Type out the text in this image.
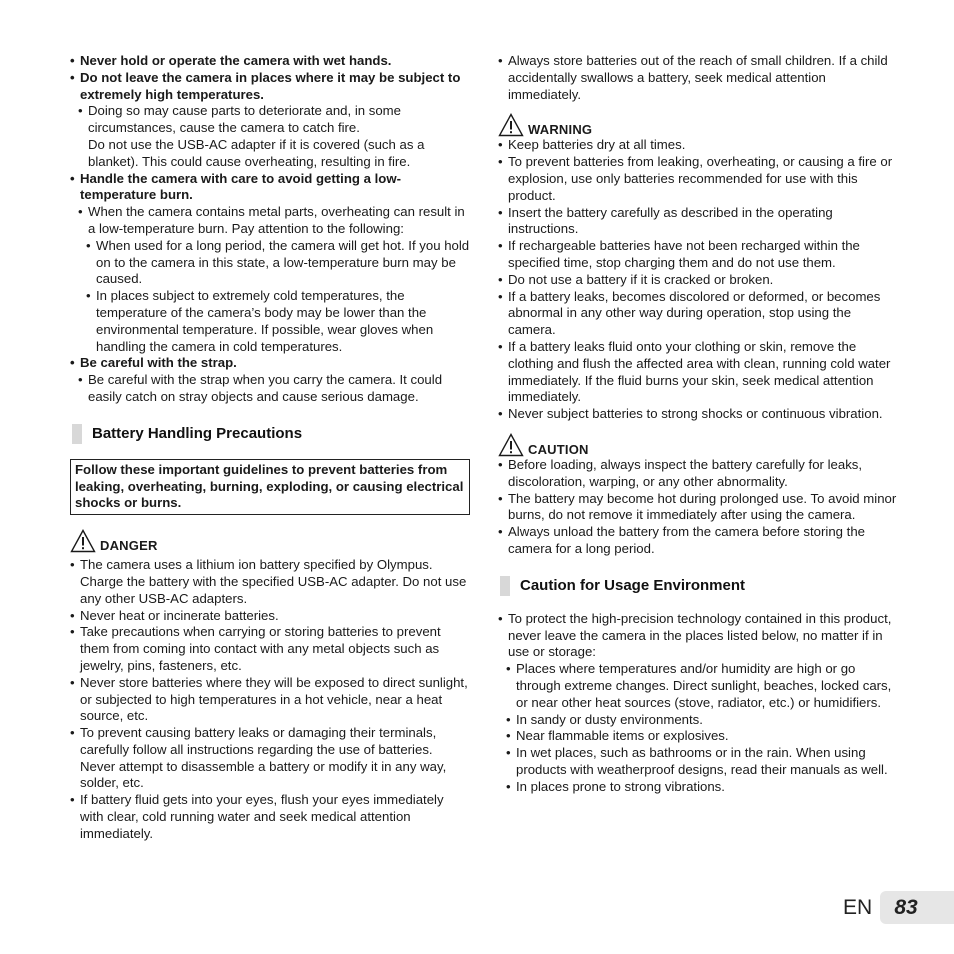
• Never hold or operate the camera with wet hands.
• Do not leave the camera in places where it may be subject to extremely high temperatures.
• Doing so may cause parts to deteriorate and, in some circumstances, cause the camera to catch fire.
Do not use the USB-AC adapter if it is covered (such as a blanket). This could cause overheating, resulting in fire.
• Handle the camera with care to avoid getting a low-temperature burn.
• When the camera contains metal parts, overheating can result in a low-temperature burn. Pay attention to the following:
• When used for a long period, the camera will get hot. If you hold on to the camera in this state, a low-temperature burn may be caused.
• In places subject to extremely cold temperatures, the temperature of the camera’s body may be lower than the environmental temperature. If possible, wear gloves when handling the camera in cold temperatures.
• Be careful with the strap.
• Be careful with the strap when you carry the camera. It could easily catch on stray objects and cause serious damage.
Battery Handling Precautions
Follow these important guidelines to prevent batteries from leaking, overheating, burning, exploding, or causing electrical shocks or burns.
DANGER
• The camera uses a lithium ion battery specified by Olympus. Charge the battery with the specified USB-AC adapter. Do not use any other USB-AC adapters.
• Never heat or incinerate batteries.
• Take precautions when carrying or storing batteries to prevent them from coming into contact with any metal objects such as jewelry, pins, fasteners, etc.
• Never store batteries where they will be exposed to direct sunlight, or subjected to high temperatures in a hot vehicle, near a heat source, etc.
• To prevent causing battery leaks or damaging their terminals, carefully follow all instructions regarding the use of batteries. Never attempt to disassemble a battery or modify it in any way, solder, etc.
• If battery fluid gets into your eyes, flush your eyes immediately with clear, cold running water and seek medical attention immediately.
• Always store batteries out of the reach of small children. If a child accidentally swallows a battery, seek medical attention immediately.
WARNING
• Keep batteries dry at all times.
• To prevent batteries from leaking, overheating, or causing a fire or explosion, use only batteries recommended for use with this product.
• Insert the battery carefully as described in the operating instructions.
• If rechargeable batteries have not been recharged within the specified time, stop charging them and do not use them.
• Do not use a battery if it is cracked or broken.
• If a battery leaks, becomes discolored or deformed, or becomes abnormal in any other way during operation, stop using the camera.
• If a battery leaks fluid onto your clothing or skin, remove the clothing and flush the affected area with clean, running cold water immediately. If the fluid burns your skin, seek medical attention immediately.
• Never subject batteries to strong shocks or continuous vibration.
CAUTION
• Before loading, always inspect the battery carefully for leaks, discoloration, warping, or any other abnormality.
• The battery may become hot during prolonged use. To avoid minor burns, do not remove it immediately after using the camera.
• Always unload the battery from the camera before storing the camera for a long period.
Caution for Usage Environment
• To protect the high-precision technology contained in this product, never leave the camera in the places listed below, no matter if in use or storage:
• Places where temperatures and/or humidity are high or go through extreme changes. Direct sunlight, beaches, locked cars, or near other heat sources (stove, radiator, etc.) or humidifiers.
• In sandy or dusty environments.
• Near flammable items or explosives.
• In wet places, such as bathrooms or in the rain. When using products with weatherproof designs, read their manuals as well.
• In places prone to strong vibrations.
EN	83
